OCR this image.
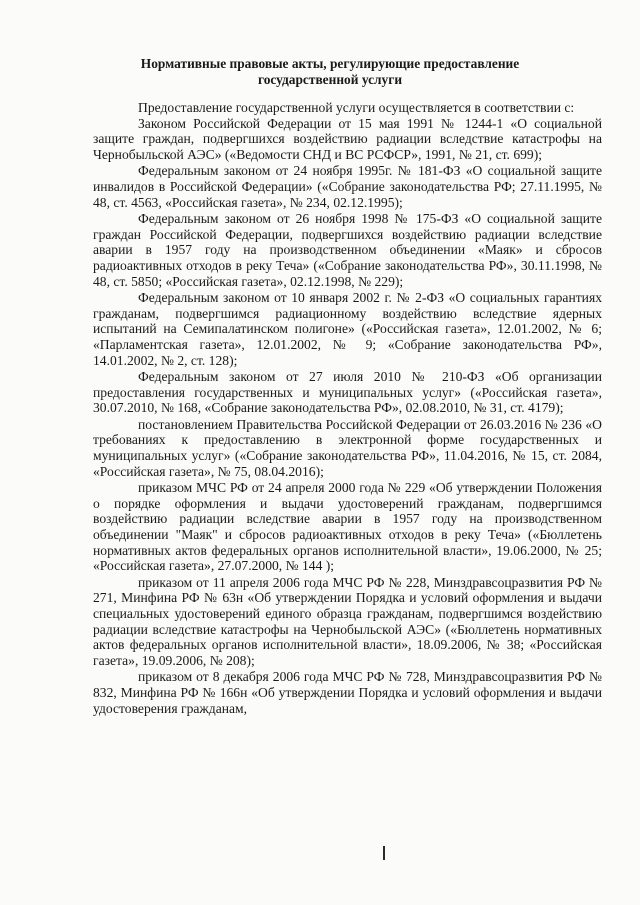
Нормативные правовые акты, регулирующие предоставление государственной услуги

Предоставление государственной услуги осуществляется в соответствии с:

Законом Российской Федерации от 15 мая 1991 № 1244-1 «О социальной защите граждан, подвергшихся воздействию радиации вследствие катастрофы на Чернобыльской АЭС» («Ведомости СНД и ВС РСФСР», 1991, № 21, ст. 699);

Федеральным законом от 24 ноября 1995г. № 181-ФЗ «О социальной защите инвалидов в Российской Федерации» («Собрание законодательства РФ; 27.11.1995, № 48, ст. 4563, «Российская газета», № 234, 02.12.1995);

Федеральным законом от 26 ноября 1998 № 175-ФЗ «О социальной защите граждан Российской Федерации, подвергшихся воздействию радиации вследствие аварии в 1957 году на производственном объединении «Маяк» и сбросов радиоактивных отходов в реку Теча» («Собрание законодательства РФ», 30.11.1998, № 48, ст. 5850; «Российская газета», 02.12.1998, № 229);

Федеральным законом от 10 января 2002 г. № 2-ФЗ «О социальных гарантиях гражданам, подвергшимся радиационному воздействию вследствие ядерных испытаний на Семипалатинском полигоне» («Российская газета», 12.01.2002, № 6; «Парламентская газета», 12.01.2002, № 9; «Собрание законодательства РФ», 14.01.2002, № 2, ст. 128);

Федеральным законом от 27 июля 2010 № 210-ФЗ «Об организации предоставления государственных и муниципальных услуг» («Российская газета», 30.07.2010, № 168, «Собрание законодательства РФ», 02.08.2010, № 31, ст. 4179);

постановлением Правительства Российской Федерации от 26.03.2016 № 236 «О требованиях к предоставлению в электронной форме государственных и муниципальных услуг» («Собрание законодательства РФ», 11.04.2016, № 15, ст. 2084, «Российская газета», № 75, 08.04.2016);

приказом МЧС РФ от 24 апреля 2000 года № 229 «Об утверждении Положения о порядке оформления и выдачи удостоверений гражданам, подвергшимся воздействию радиации вследствие аварии в 1957 году на производственном объединении "Маяк" и сбросов радиоактивных отходов в реку Теча» («Бюллетень нормативных актов федеральных органов исполнительной власти», 19.06.2000, № 25; «Российская газета», 27.07.2000, № 144 );

приказом от 11 апреля 2006 года МЧС РФ № 228, Минздравсоцразвития РФ № 271, Минфина РФ № 63н «Об утверждении Порядка и условий оформления и выдачи специальных удостоверений единого образца гражданам, подвергшимся воздействию радиации вследствие катастрофы на Чернобыльской АЭС» («Бюллетень нормативных актов федеральных органов исполнительной власти», 18.09.2006, № 38; «Российская газета», 19.09.2006, № 208);

приказом от 8 декабря 2006 года МЧС РФ № 728, Минздравсоцразвития РФ № 832, Минфина РФ № 166н «Об утверждении Порядка и условий оформления и выдачи удостоверения гражданам,
